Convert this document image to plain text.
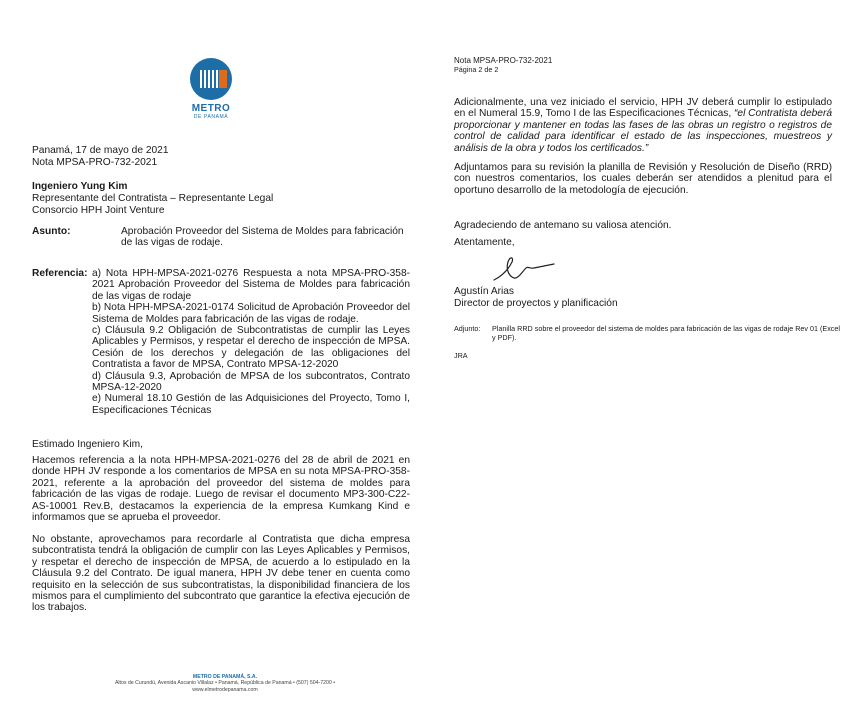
METRO
DE PANAMÁ
Panamá, 17 de mayo de 2021
Nota MPSA-PRO-732-2021
Ingeniero Yung Kim
Representante del Contratista – Representante Legal
Consorcio HPH Joint Venture
Asunto:	Aprobación Proveedor del Sistema de Moldes para fabricación de las vigas de rodaje.
Referencia: a) Nota HPH-MPSA-2021-0276 Respuesta a nota MPSA-PRO-358-2021 Aprobación Proveedor del Sistema de Moldes para fabricación de las vigas de rodaje
b) Nota HPH-MPSA-2021-0174 Solicitud de Aprobación Proveedor del Sistema de Moldes para fabricación de las vigas de rodaje.
c) Cláusula 9.2 Obligación de Subcontratistas de cumplir las Leyes Aplicables y Permisos, y respetar el derecho de inspección de MPSA. Cesión de los derechos y delegación de las obligaciones del Contratista a favor de MPSA, Contrato MPSA-12-2020
d) Cláusula 9.3, Aprobación de MPSA de los subcontratos, Contrato MPSA-12-2020
e) Numeral 18.10 Gestión de las Adquisiciones del Proyecto, Tomo I, Especificaciones Técnicas
Estimado Ingeniero Kim,
Hacemos referencia a la nota HPH-MPSA-2021-0276 del 28 de abril de 2021 en donde HPH JV responde a los comentarios de MPSA en su nota MPSA-PRO-358-2021, referente a la aprobación del proveedor del sistema de moldes para fabricación de las vigas de rodaje. Luego de revisar el documento MP3-300-C22-AS-10001 Rev.B, destacamos la experiencia de la empresa Kumkang Kind e informamos que se aprueba el proveedor.
No obstante, aprovechamos para recordarle al Contratista que dicha empresa subcontratista tendrá la obligación de cumplir con las Leyes Aplicables y Permisos, y respetar el derecho de inspección de MPSA, de acuerdo a lo estipulado en la Cláusula 9.2 del Contrato. De igual manera, HPH JV debe tener en cuenta como requisito en la selección de sus subcontratistas, la disponibilidad financiera de los mismos para el cumplimiento del subcontrato que garantice la efectiva ejecución de los trabajos.
METRO DE PANAMÁ, S.A.
Altos de Curundú, Avenida Ascanio Villalaz • Panamá, República de Panamá • (507) 504-7200 • www.elmetrodepanama.com
Nota MPSA-PRO-732-2021
Página 2 de 2
Adicionalmente, una vez iniciado el servicio, HPH JV deberá cumplir lo estipulado en el Numeral 15.9, Tomo I de las Especificaciones Técnicas, “el Contratista deberá proporcionar y mantener en todas las fases de las obras un registro o registros de control de calidad para identificar el estado de las inspecciones, muestreos y análisis de la obra y todos los certificados.”
Adjuntamos para su revisión la planilla de Revisión y Resolución de Diseño (RRD) con nuestros comentarios, los cuales deberán ser atendidos a plenitud para el oportuno desarrollo de la metodología de ejecución.
Agradeciendo de antemano su valiosa atención.
Atentamente,
Agustín Arias
Director de proyectos y planificación
Adjunto: Planilla RRD sobre el proveedor del sistema de moldes para fabricación de las vigas de rodaje Rev 01 (Excel y PDF).
JRA
